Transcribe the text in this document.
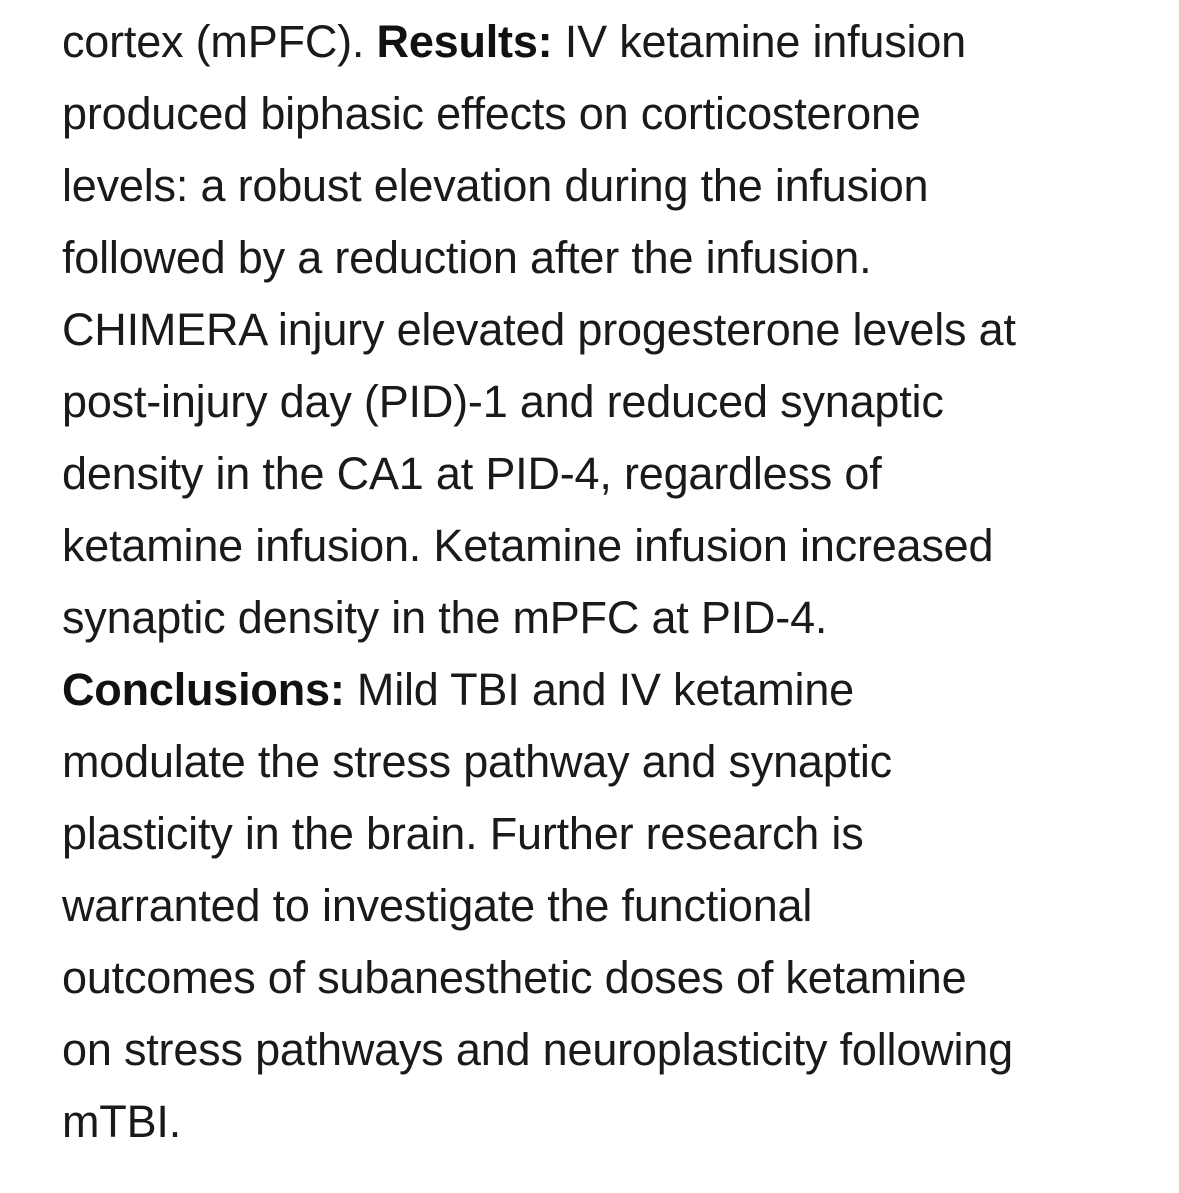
cortex (mPFC). Results: IV ketamine infusion
produced biphasic effects on corticosterone
levels: a robust elevation during the infusion
followed by a reduction after the infusion.
CHIMERA injury elevated progesterone levels at
post-injury day (PID)-1 and reduced synaptic
density in the CA1 at PID-4, regardless of
ketamine infusion. Ketamine infusion increased
synaptic density in the mPFC at PID-4.
Conclusions: Mild TBI and IV ketamine
modulate the stress pathway and synaptic
plasticity in the brain. Further research is
warranted to investigate the functional
outcomes of subanesthetic doses of ketamine
on stress pathways and neuroplasticity following
mTBI.
